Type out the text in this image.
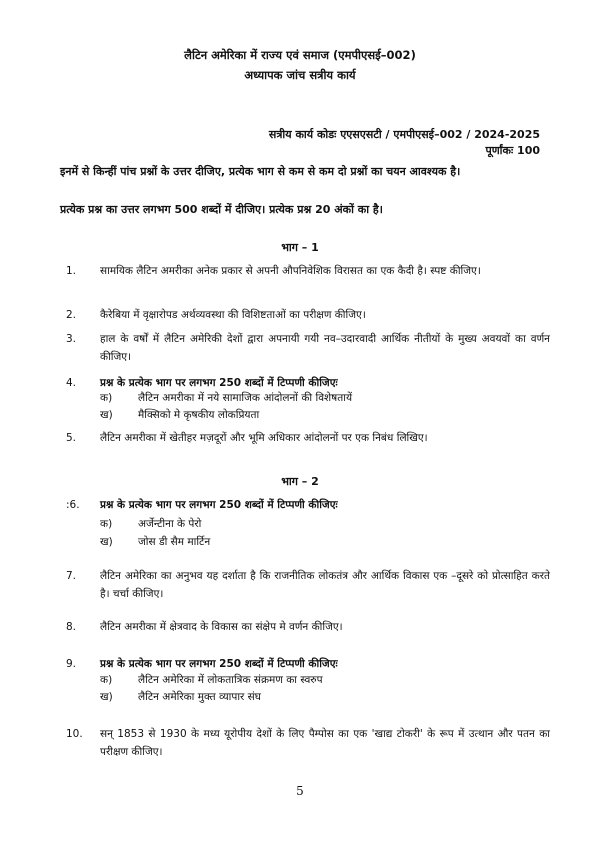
लैटिन अमेरिका में राज्य एवं समाज (एमपीएसई–002)
अध्यापक जांच सत्रीय कार्य
सत्रीय कार्य कोडः एएसएसटी / एमपीएसई–002 / 2024-2025
पूर्णांकः 100
इनमें से किन्हीं पांच प्रश्नों के उत्तर दीजिए, प्रत्येक भाग से कम से कम दो प्रश्नों का चयन आवश्यक है।
प्रत्येक प्रश्न का उत्तर लगभग 500 शब्दों में दीजिए। प्रत्येक प्रश्न 20 अंकों का है।
भाग – 1
1. सामयिक लैटिन अमरीका अनेक प्रकार से अपनी औपनिवेशिक विरासत का एक कैदी है। स्पष्ट कीजिए।
2. कैरेबिया में वृक्षारोपड अर्थव्यवस्था की विशिष्टताओं का परीक्षण कीजिए।
3. हाल के वर्षों में लैटिन अमेरिकी देशों द्वारा अपनायी गयी नव–उदारवादी आर्थिक नीतीयों के मुख्य अवयवों का वर्णन कीजिए।
4. प्रश्न के प्रत्येक भाग पर लगभग 250 शब्दों में टिप्पणी कीजिएः
क) लैटिन अमरीका में नये सामाजिक आंदोलनों की विशेषतायें
ख) मैक्सिको मे कृषकीय लोकप्रियता
5. लैटिन अमरीका में खेतीहर मज़दूरों और भूमि अधिकार आंदोलनों पर एक निबंध लिखिए।
भाग – 2
:6. प्रश्न के प्रत्येक भाग पर लगभग 250 शब्दों में टिप्पणी कीजिएः
क) अर्जेन्टीना के पेरो
ख) जोस डी सैम मार्टिन
7. लैटिन अमेरिका का अनुभव यह दर्शाता है कि राजनीतिक लोकतंत्र और आर्थिक विकास एक –दूसरे को प्रोत्साहित करते है। चर्चा कीजिए।
8. लैटिन अमरीका में क्षेत्रवाद के विकास का संक्षेप मे वर्णन कीजिए।
9. प्रश्न के प्रत्येक भाग पर लगभग 250 शब्दों में टिप्पणी कीजिएः
क) लैटिन अमेरिका में लोकतात्रिक संक्रमण का स्वरुप
ख) लैटिन अमेरिका मुक्त व्यापार संघ
10. सन् 1853 से 1930 के मध्य यूरोपीय देशों के लिए पैम्पोस का एक 'खाद्य टोकरी' के रूप में उत्थान और पतन का परीक्षण कीजिए।
5
